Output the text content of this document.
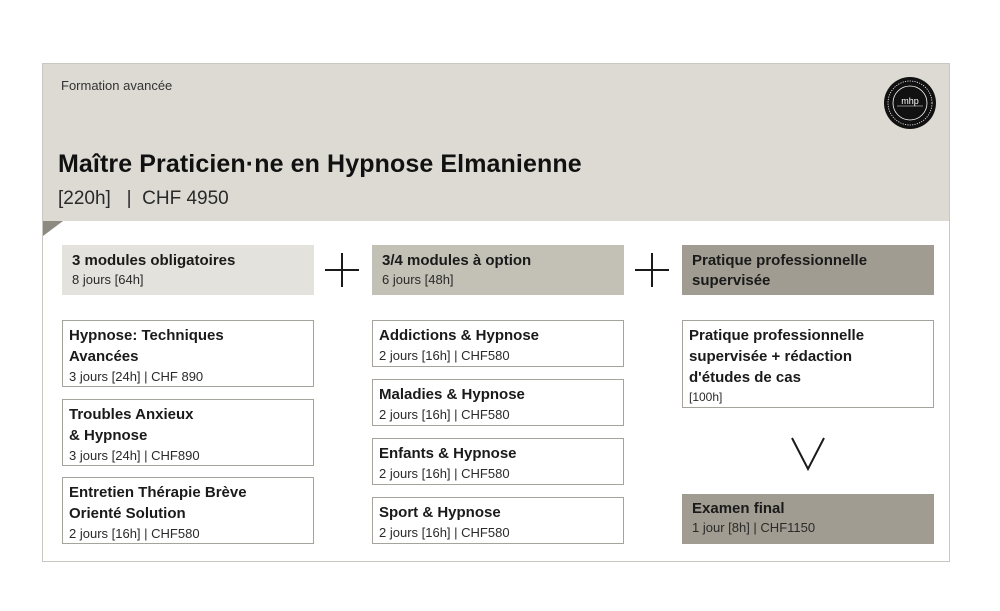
Formation avancée
Maître Praticien·ne en Hypnose Elmanienne
[220h]   |  CHF 4950
mhp
3 modules obligatoires
8 jours [64h]
3/4 modules à option
6 jours [48h]
Pratique professionnelle
supervisée
Hypnose: Techniques
Avancées
3 jours [24h] | CHF 890
Troubles Anxieux
& Hypnose
3 jours [24h] | CHF890
Entretien Thérapie Brève
Orienté Solution
2 jours [16h] | CHF580
Addictions & Hypnose
2 jours [16h] | CHF580
Maladies & Hypnose
2 jours [16h] | CHF580
Enfants & Hypnose
2 jours [16h] | CHF580
Sport & Hypnose
2 jours [16h] | CHF580
Pratique professionnelle
supervisée + rédaction
d'études de cas
[100h]
Examen final
1 jour [8h] | CHF1150
